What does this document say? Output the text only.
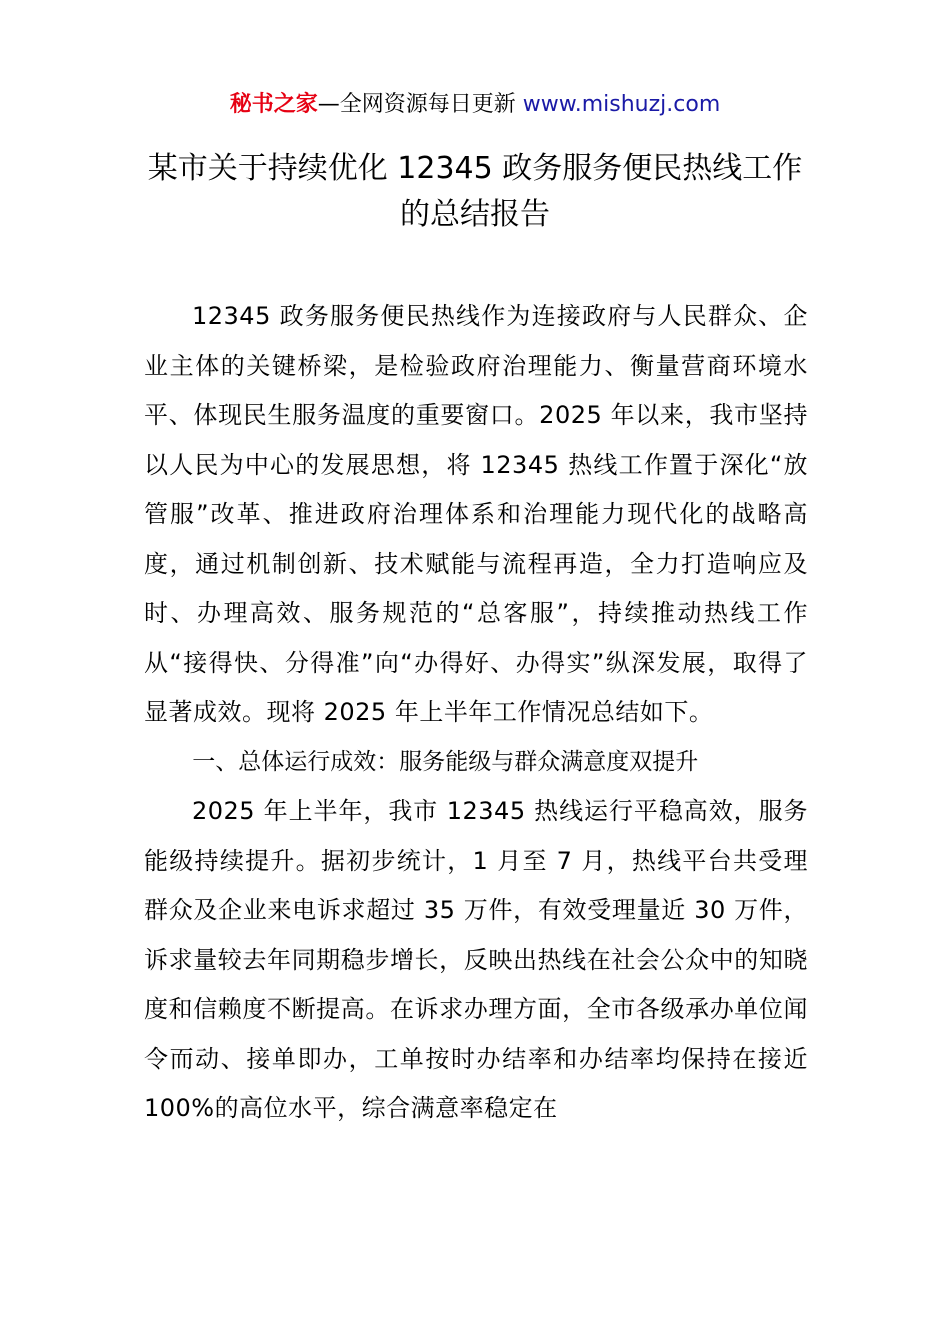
秘书之家—全网资源每日更新 www.mishuzj.com
某市关于持续优化 12345 政务服务便民热线工作的总结报告

12345 政务服务便民热线作为连接政府与人民群众、企业主体的关键桥梁，是检验政府治理能力、衡量营商环境水平、体现民生服务温度的重要窗口。2025 年以来，我市坚持以人民为中心的发展思想，将 12345 热线工作置于深化“放管服”改革、推进政府治理体系和治理能力现代化的战略高度，通过机制创新、技术赋能与流程再造，全力打造响应及时、办理高效、服务规范的“总客服”，持续推动热线工作从“接得快、分得准”向“办得好、办得实”纵深发展，取得了显著成效。现将 2025 年上半年工作情况总结如下。

一、总体运行成效：服务能级与群众满意度双提升

2025 年上半年，我市 12345 热线运行平稳高效，服务能级持续提升。据初步统计，1 月至 7 月，热线平台共受理群众及企业来电诉求超过 35 万件，有效受理量近 30 万件，诉求量较去年同期稳步增长，反映出热线在社会公众中的知晓度和信赖度不断提高。在诉求办理方面，全市各级承办单位闻令而动、接单即办，工单按时办结率和办结率均保持在接近 100%的高位水平，综合满意率稳定在
